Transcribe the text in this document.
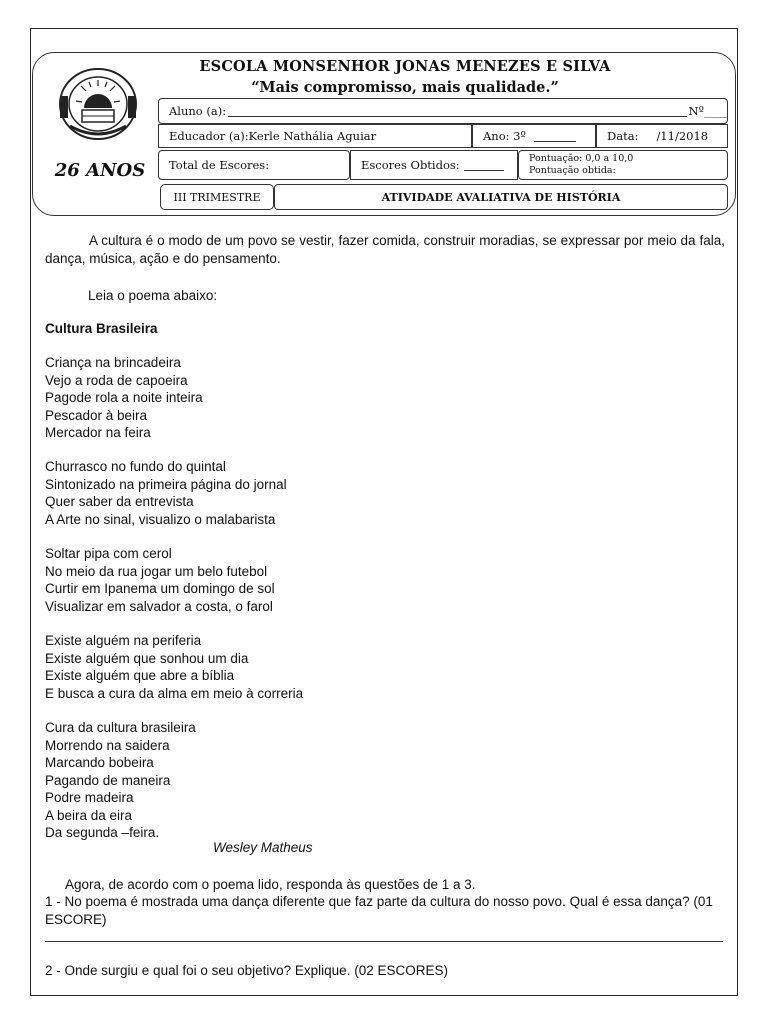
26 ANOS
ESCOLA MONSENHOR JONAS MENEZES E SILVA
“Mais compromisso, mais qualidade.”
Aluno (a):	Nº____
Educador (a):Kerle Nathália Aguiar	Ano: 3º	Data: /11/2018
Total de Escores:	Escores Obtidos:	Pontuação: 0,0 a 10,0
Pontuação obtida:
III TRIMESTRE	ATIVIDADE AVALIATIVA DE HISTÓRIA
A cultura é o modo de um povo se vestir, fazer comida, construir moradias, se expressar por meio da fala, dança, música, ação e do pensamento.
Leia o poema abaixo:
Cultura Brasileira
Criança na brincadeira
Vejo a roda de capoeira
Pagode rola a noite inteira
Pescador à beira
Mercador na feira
Churrasco no fundo do quintal
Sintonizado na primeira página do jornal
Quer saber da entrevista
A Arte no sinal, visualizo o malabarista
Soltar pipa com cerol
No meio da rua jogar um belo futebol
Curtir em Ipanema um domingo de sol
Visualizar em salvador a costa, o farol
Existe alguém na periferia
Existe alguém que sonhou um dia
Existe alguém que abre a bíblia
E busca a cura da alma em meio à correria
Cura da cultura brasileira
Morrendo na saidera
Marcando bobeira
Pagando de maneira
Podre madeira
A beira da eira
Da segunda –feira.
Wesley Matheus
Agora, de acordo com o poema lido, responda às questões de 1 a 3.
1 - No poema é mostrada uma dança diferente que faz parte da cultura do nosso povo. Qual é essa dança? (01 ESCORE)
2 - Onde surgiu e qual foi o seu objetivo? Explique. (02 ESCORES)
